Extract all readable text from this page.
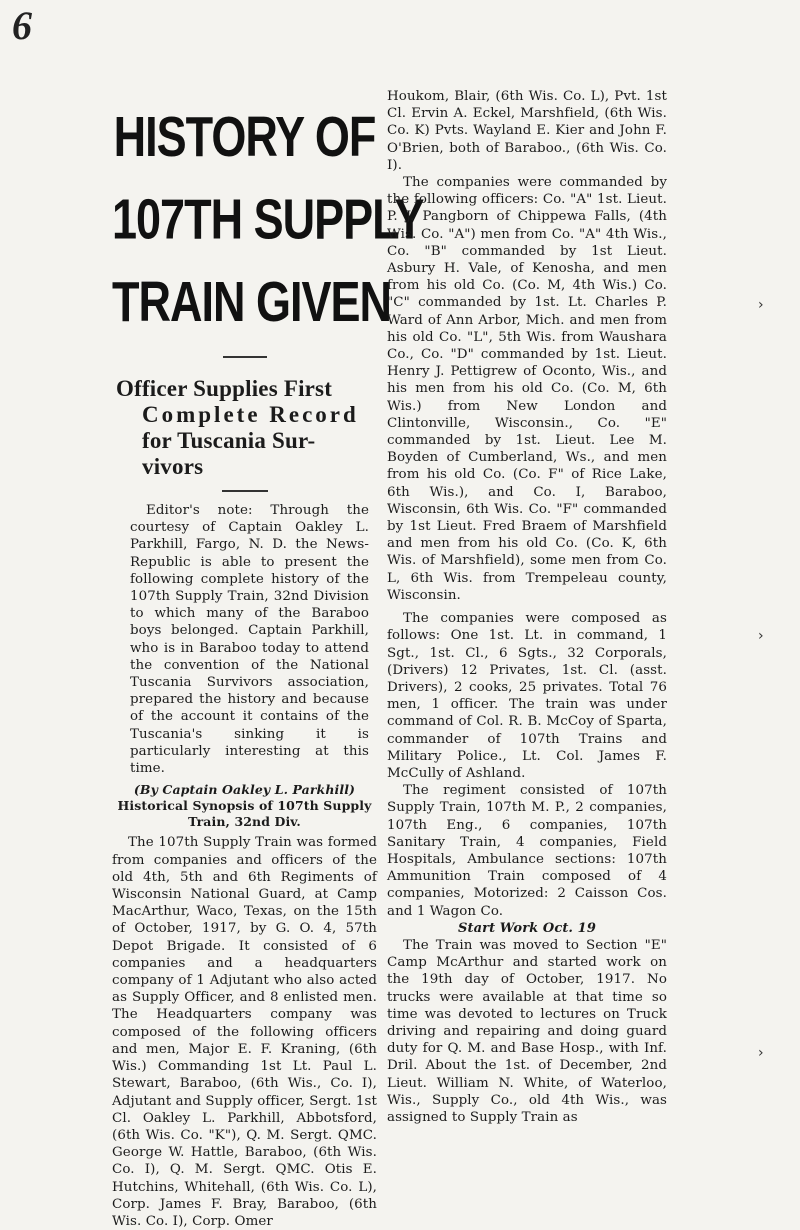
6
›
›
›
HISTORY OF
107TH SUPPLY
TRAIN GIVEN
Officer Supplies First
Complete Record
for Tuscania Sur-
vivors

Editor's note: Through the courtesy of Captain Oakley L. Parkhill, Fargo, N. D. the News-Republic is able to present the following complete history of the 107th Supply Train, 32nd Division to which many of the Baraboo boys belonged. Captain Parkhill, who is in Baraboo today to attend the convention of the National Tuscania Survivors association, prepared the history and because of the account it contains of the Tuscania's sinking it is particularly interesting at this time.

(By Captain Oakley L. Parkhill)

Historical Synopsis of 107th Supply Train, 32nd Div.

The 107th Supply Train was formed from companies and officers of the old 4th, 5th and 6th Regiments of Wisconsin National Guard, at Camp MacArthur, Waco, Texas, on the 15th of October, 1917, by G. O. 4, 57th Depot Brigade. It consisted of 6 companies and a headquarters company of 1 Adjutant who also acted as Supply Officer, and 8 enlisted men. The Headquarters company was composed of the following officers and men, Major E. F. Kraning, (6th Wis.) Commanding 1st Lt. Paul L. Stewart, Baraboo, (6th Wis., Co. I), Adjutant and Supply officer, Sergt. 1st Cl. Oakley L. Parkhill, Abbotsford, (6th Wis. Co. "K"), Q. M. Sergt. QMC. George W. Hattle, Baraboo, (6th Wis. Co. I), Q. M. Sergt. QMC. Otis E. Hutchins, Whitehall, (6th Wis. Co. L), Corp. James F. Bray, Baraboo, (6th Wis. Co. I), Corp. Omer

Houkom, Blair, (6th Wis. Co. L), Pvt. 1st Cl. Ervin A. Eckel, Marshfield, (6th Wis. Co. K) Pvts. Wayland E. Kier and John F. O'Brien, both of Baraboo., (6th Wis. Co. I).

The companies were commanded by the following officers: Co. "A" 1st. Lieut. P. J. Pangborn of Chippewa Falls, (4th Wis. Co. "A") men from Co. "A" 4th Wis., Co. "B" commanded by 1st Lieut. Asbury H. Vale, of Kenosha, and men from his old Co. (Co. M, 4th Wis.) Co. "C" commanded by 1st. Lt. Charles P. Ward of Ann Arbor, Mich. and men from his old Co. "L", 5th Wis. from Waushara Co., Co. "D" commanded by 1st. Lieut. Henry J. Pettigrew of Oconto, Wis., and his men from his old Co. (Co. M, 6th Wis.) from New London and Clintonville, Wisconsin., Co. "E" commanded by 1st. Lieut. Lee M. Boyden of Cumberland, Ws., and men from his old Co. (Co. F" of Rice Lake, 6th Wis.), and Co. I, Baraboo, Wisconsin, 6th Wis. Co. "F" commanded by 1st Lieut. Fred Braem of Marshfield and men from his old Co. (Co. K, 6th Wis. of Marshfield), some men from Co. L, 6th Wis. from Trempeleau county, Wisconsin.

The companies were composed as follows: One 1st. Lt. in command, 1 Sgt., 1st. Cl., 6 Sgts., 32 Corporals, (Drivers) 12 Privates, 1st. Cl. (asst. Drivers), 2 cooks, 25 privates. Total 76 men, 1 officer. The train was under command of Col. R. B. McCoy of Sparta, commander of 107th Trains and Military Police., Lt. Col. James F. McCully of Ashland.

The regiment consisted of 107th Supply Train, 107th M. P., 2 companies, 107th Eng., 6 companies, 107th Sanitary Train, 4 companies, Field Hospitals, Ambulance sections: 107th Ammunition Train composed of 4 companies, Motorized: 2 Caisson Cos. and 1 Wagon Co.

Start Work Oct. 19

The Train was moved to Section "E" Camp McArthur and started work on the 19th day of October, 1917. No trucks were available at that time so time was devoted to lectures on Truck driving and repairing and doing guard duty for Q. M. and Base Hosp., with Inf. Dril. About the 1st. of December, 2nd Lieut. William N. White, of Waterloo, Wis., Supply Co., old 4th Wis., was assigned to Supply Train as
